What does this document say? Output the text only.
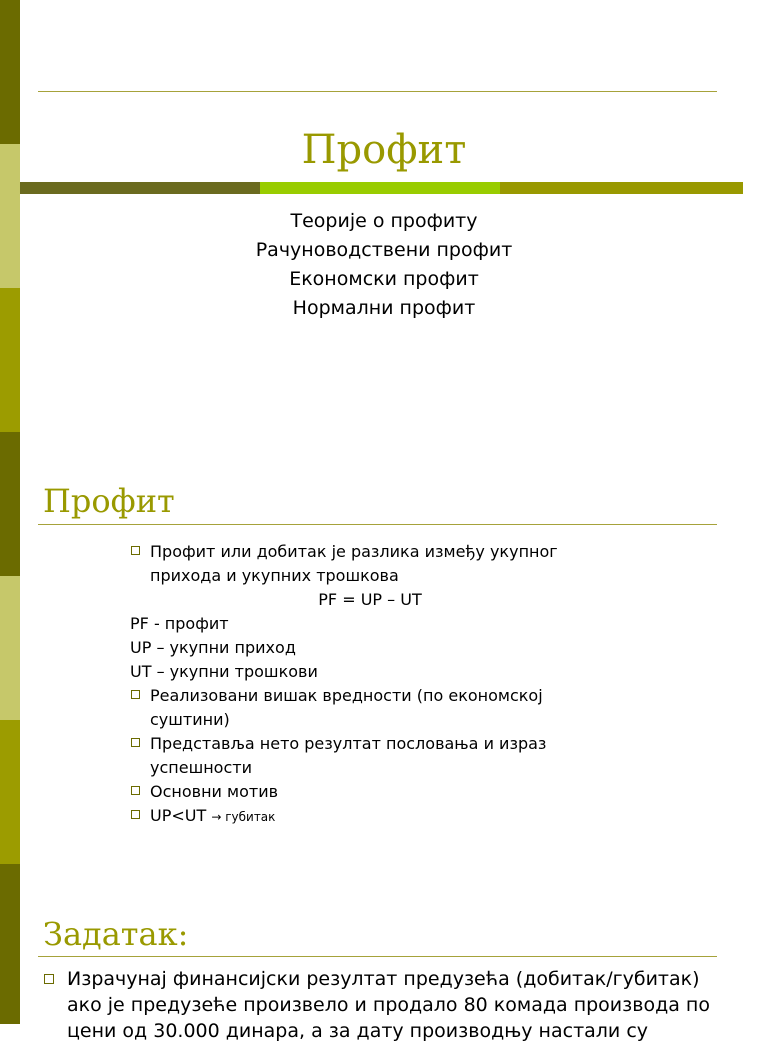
Профит
Теорије о профиту
Рачуноводствени профит
Економски профит
Нормални профит
Профит
Профит или добитак је разлика између укупног
прихода и укупних трошкова
PF = UP – UT
PF - профит
UP – укупни приход
UT – укупни трошкови
Реализовани вишак вредности (по економској
суштини)
Представља нето резултат пословања и израз
успешности
Основни мотив
UP<UT → губитак
Задатак:
Израчунај финансијски резултат предузећа (добитак/губитак)
ако је предузеће произвело и продало 80 комада производа по
цени од 30.000 динара, а за дату производњу настали су
